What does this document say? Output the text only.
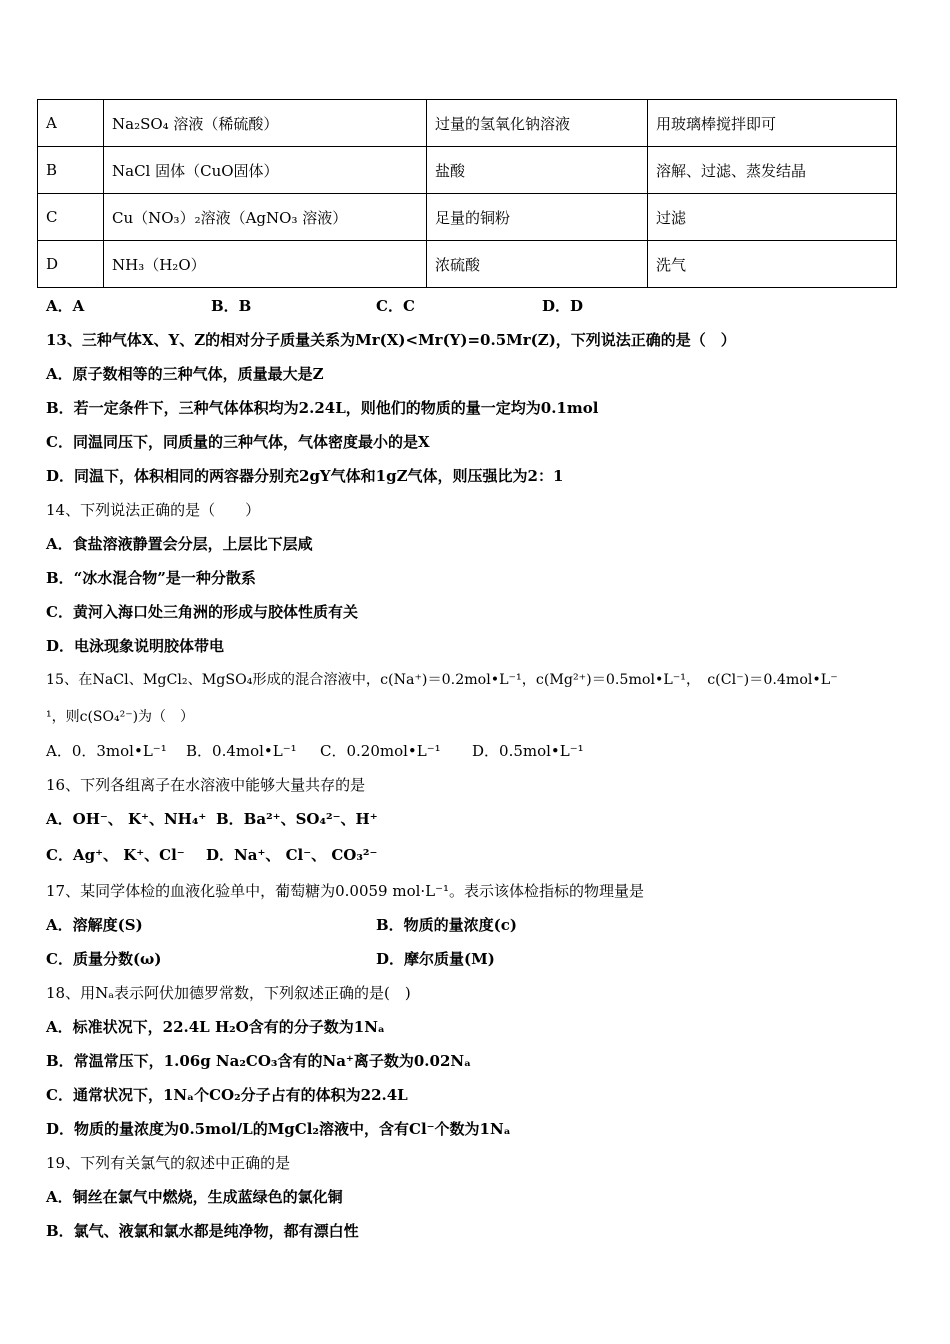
A	Na₂SO₄ 溶液（稀硫酸）	过量的氢氧化钠溶液	用玻璃棒搅拌即可
B	NaCl 固体（CuO固体）	盐酸	溶解、过滤、蒸发结晶
C	Cu（NO₃）₂溶液（AgNO₃ 溶液）	足量的铜粉	过滤
D	NH₃（H₂O）	浓硫酸	洗气
A．A	B．B	C．C	D．D
13、三种气体X、Y、Z的相对分子质量关系为Mr(X)<Mr(Y)=0.5Mr(Z)，下列说法正确的是（　）
A．原子数相等的三种气体，质量最大是Z
B．若一定条件下，三种气体体积均为2.24L，则他们的物质的量一定均为0.1mol
C．同温同压下，同质量的三种气体，气体密度最小的是X
D．同温下，体积相同的两容器分别充2gY气体和1gZ气体，则压强比为2：1
14、下列说法正确的是（　　）
A．食盐溶液静置会分层，上层比下层咸
B．“冰水混合物”是一种分散系
C．黄河入海口处三角洲的形成与胶体性质有关
D．电泳现象说明胶体带电
15、在NaCl、MgCl₂、MgSO₄形成的混合溶液中，c(Na⁺)＝0.2mol•L⁻¹，c(Mg²⁺)＝0.5mol•L⁻¹，　c(Cl⁻)＝0.4mol•L⁻
¹，则c(SO₄²⁻)为（　）
A．0．3mol•L⁻¹ B．0.4mol•L⁻¹ C．0.20mol•L⁻¹ D．0.5mol•L⁻¹
16、下列各组离子在水溶液中能够大量共存的是
A．OH⁻、 K⁺、NH₄⁺ B．Ba²⁺、SO₄²⁻、H⁺
C．Ag⁺、 K⁺、Cl⁻ D．Na⁺、 Cl⁻、 CO₃²⁻
17、某同学体检的血液化验单中，葡萄糖为0.0059 mol·L⁻¹。表示该体检指标的物理量是
A．溶解度(S)	B．物质的量浓度(c)
C．质量分数(ω)	D．摩尔质量(M)
18、用Nₐ表示阿伏加德罗常数，下列叙述正确的是(　)
A．标准状况下，22.4L H₂O含有的分子数为1Nₐ
B．常温常压下，1.06g Na₂CO₃含有的Na⁺离子数为0.02Nₐ
C．通常状况下，1Nₐ个CO₂分子占有的体积为22.4L
D．物质的量浓度为0.5mol/L的MgCl₂溶液中，含有Cl⁻个数为1Nₐ
19、下列有关氯气的叙述中正确的是
A．铜丝在氯气中燃烧，生成蓝绿色的氯化铜
B．氯气、液氯和氯水都是纯净物，都有漂白性
